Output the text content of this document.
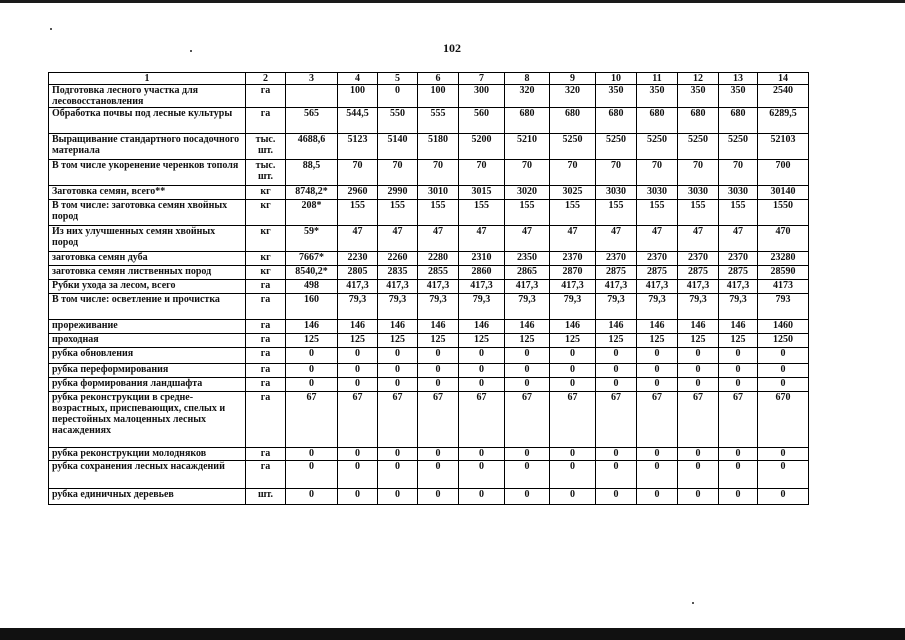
102
1	2	3	4	5	6	7	8	9	10	11	12	13	14
Подготовка лесного участка для лесовосстановления	га		100	0	100	300	320	320	350	350	350	350	2540
Обработка почвы под лесные культуры	га	565	544,5	550	555	560	680	680	680	680	680	680	6289,5
Выращивание стандартного посадочного материала	тыс. шт.	4688,6	5123	5140	5180	5200	5210	5250	5250	5250	5250	5250	52103
В том числе укоренение черенков тополя	тыс. шт.	88,5	70	70	70	70	70	70	70	70	70	70	700
Заготовка семян, всего**	кг	8748,2*	2960	2990	3010	3015	3020	3025	3030	3030	3030	3030	30140
В том числе: заготовка семян хвойных пород	кг	208*	155	155	155	155	155	155	155	155	155	155	1550
Из них улучшенных семян хвойных пород	кг	59*	47	47	47	47	47	47	47	47	47	47	470
заготовка семян дуба	кг	7667*	2230	2260	2280	2310	2350	2370	2370	2370	2370	2370	23280
заготовка семян лиственных пород	кг	8540,2*	2805	2835	2855	2860	2865	2870	2875	2875	2875	2875	28590
Рубки ухода за лесом, всего	га	498	417,3	417,3	417,3	417,3	417,3	417,3	417,3	417,3	417,3	417,3	4173
В том числе: осветление и прочистка	га	160	79,3	79,3	79,3	79,3	79,3	79,3	79,3	79,3	79,3	79,3	793
прореживание	га	146	146	146	146	146	146	146	146	146	146	146	1460
проходная	га	125	125	125	125	125	125	125	125	125	125	125	1250
рубка обновления	га	0	0	0	0	0	0	0	0	0	0	0	0
рубка переформирования	га	0	0	0	0	0	0	0	0	0	0	0	0
рубка формирования ландшафта	га	0	0	0	0	0	0	0	0	0	0	0	0
рубка реконструкции в средне-возрастных, приспевающих, спелых и перестойных малоценных лесных насаждениях	га	67	67	67	67	67	67	67	67	67	67	67	670
рубка реконструкции молодняков	га	0	0	0	0	0	0	0	0	0	0	0	0
рубка сохранения лесных насаждений	га	0	0	0	0	0	0	0	0	0	0	0	0
рубка единичных деревьев	шт.	0	0	0	0	0	0	0	0	0	0	0	0
